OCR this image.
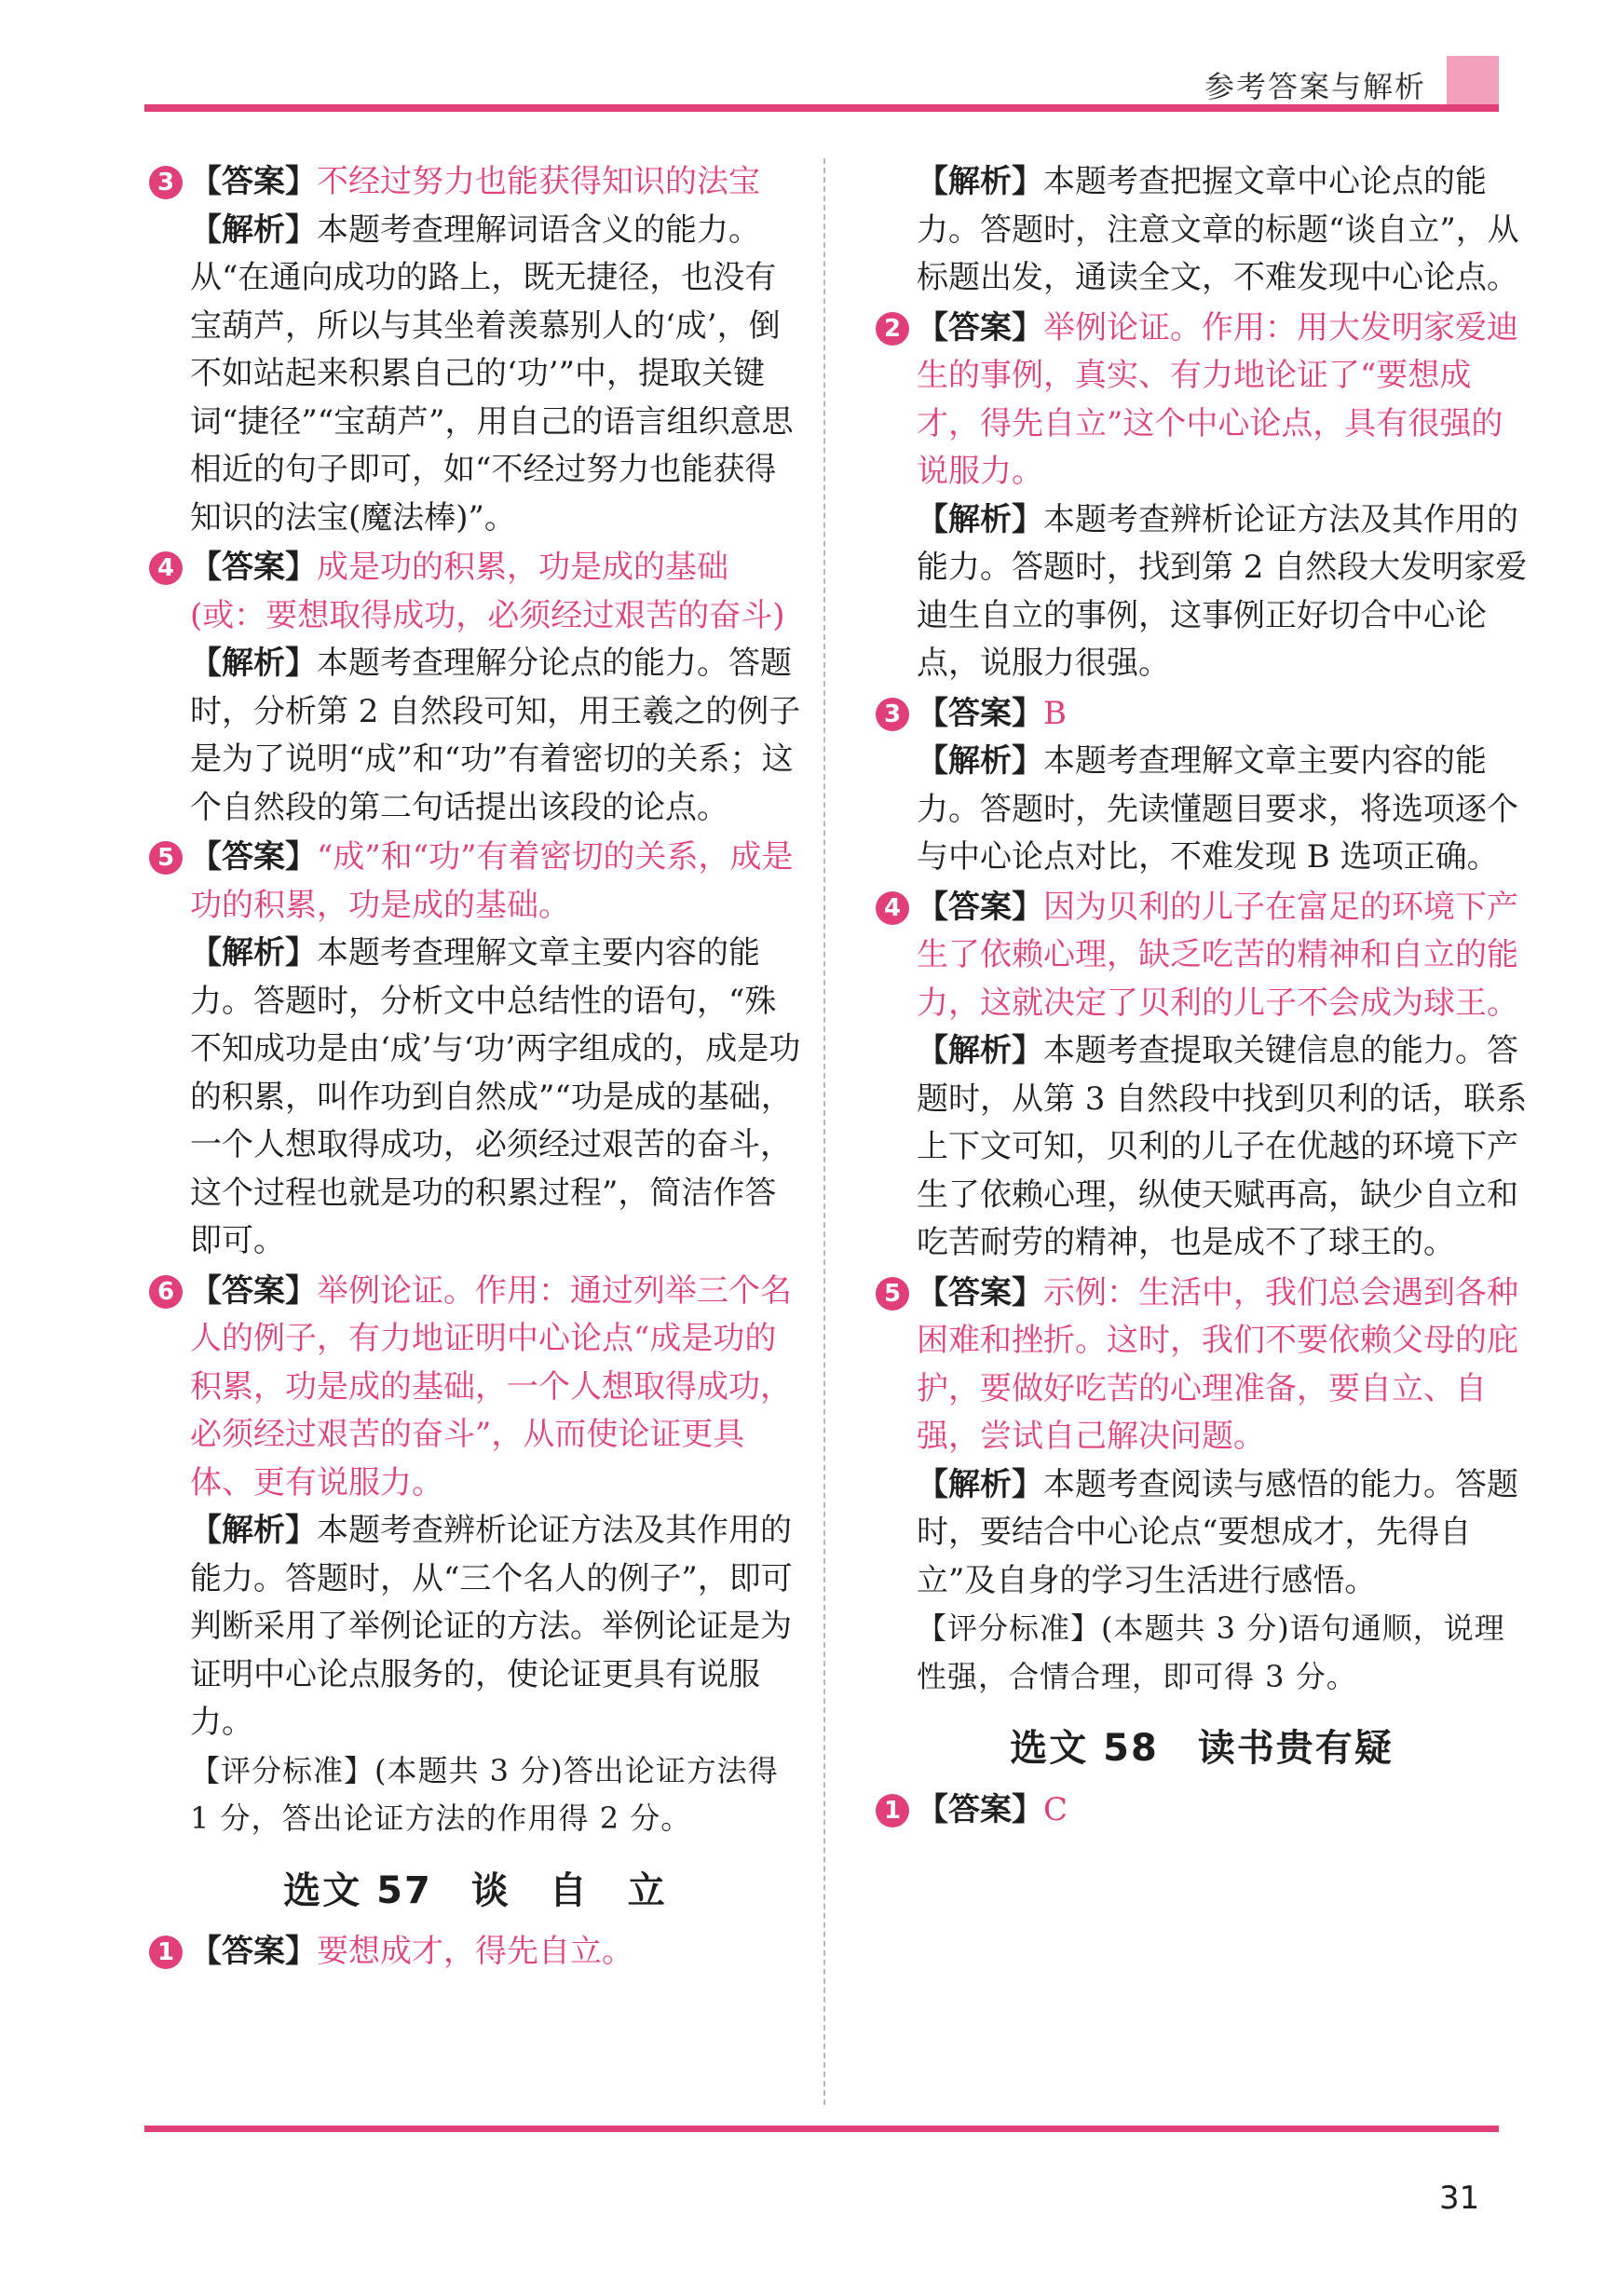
参考答案与解析
3 【答案】不经过努力也能获得知识的法宝

【解析】本题考查理解词语含义的能力。从“在通向成功的路上，既无捷径，也没有宝葫芦，所以与其坐着羡慕别人的‘成’，倒不如站起来积累自己的‘功’”中，提取关键词“捷径”“宝葫芦”，用自己的语言组织意思相近的句子即可，如“不经过努力也能获得知识的法宝(魔法棒)”。

4 【答案】成是功的积累，功是成的基础(或：要想取得成功，必须经过艰苦的奋斗)

【解析】本题考查理解分论点的能力。答题时，分析第 2 自然段可知，用王羲之的例子是为了说明“成”和“功”有着密切的关系；这个自然段的第二句话提出该段的论点。

5 【答案】“成”和“功”有着密切的关系，成是功的积累，功是成的基础。

【解析】本题考查理解文章主要内容的能力。答题时，分析文中总结性的语句，“殊不知成功是由‘成’与‘功’两字组成的，成是功的积累，叫作功到自然成”“功是成的基础，一个人想取得成功，必须经过艰苦的奋斗，这个过程也就是功的积累过程”，简洁作答即可。

6 【答案】举例论证。作用：通过列举三个名人的例子，有力地证明中心论点“成是功的积累，功是成的基础，一个人想取得成功，必须经过艰苦的奋斗”，从而使论证更具体、更有说服力。

【解析】本题考查辨析论证方法及其作用的能力。答题时，从“三个名人的例子”，即可判断采用了举例论证的方法。举例论证是为证明中心论点服务的，使论证更具有说服力。

【评分标准】(本题共 3 分)答出论证方法得 1 分，答出论证方法的作用得 2 分。

选文 57　谈　自　立
1 【答案】要想成才，得先自立。

【解析】本题考查把握文章中心论点的能力。答题时，注意文章的标题“谈自立”，从标题出发，通读全文，不难发现中心论点。

2 【答案】举例论证。作用：用大发明家爱迪生的事例，真实、有力地论证了“要想成才，得先自立”这个中心论点，具有很强的说服力。

【解析】本题考查辨析论证方法及其作用的能力。答题时，找到第 2 自然段大发明家爱迪生自立的事例，这事例正好切合中心论点，说服力很强。

3 【答案】B

【解析】本题考查理解文章主要内容的能力。答题时，先读懂题目要求，将选项逐个与中心论点对比，不难发现 B 选项正确。

4 【答案】因为贝利的儿子在富足的环境下产生了依赖心理，缺乏吃苦的精神和自立的能力，这就决定了贝利的儿子不会成为球王。

【解析】本题考查提取关键信息的能力。答题时，从第 3 自然段中找到贝利的话，联系上下文可知，贝利的儿子在优越的环境下产生了依赖心理，纵使天赋再高，缺少自立和吃苦耐劳的精神，也是成不了球王的。

5 【答案】示例：生活中，我们总会遇到各种困难和挫折。这时，我们不要依赖父母的庇护，要做好吃苦的心理准备，要自立、自强，尝试自己解决问题。

【解析】本题考查阅读与感悟的能力。答题时，要结合中心论点“要想成才，先得自立”及自身的学习生活进行感悟。

【评分标准】(本题共 3 分)语句通顺，说理性强，合情合理，即可得 3 分。

选文 58　读书贵有疑
1 【答案】C

31
